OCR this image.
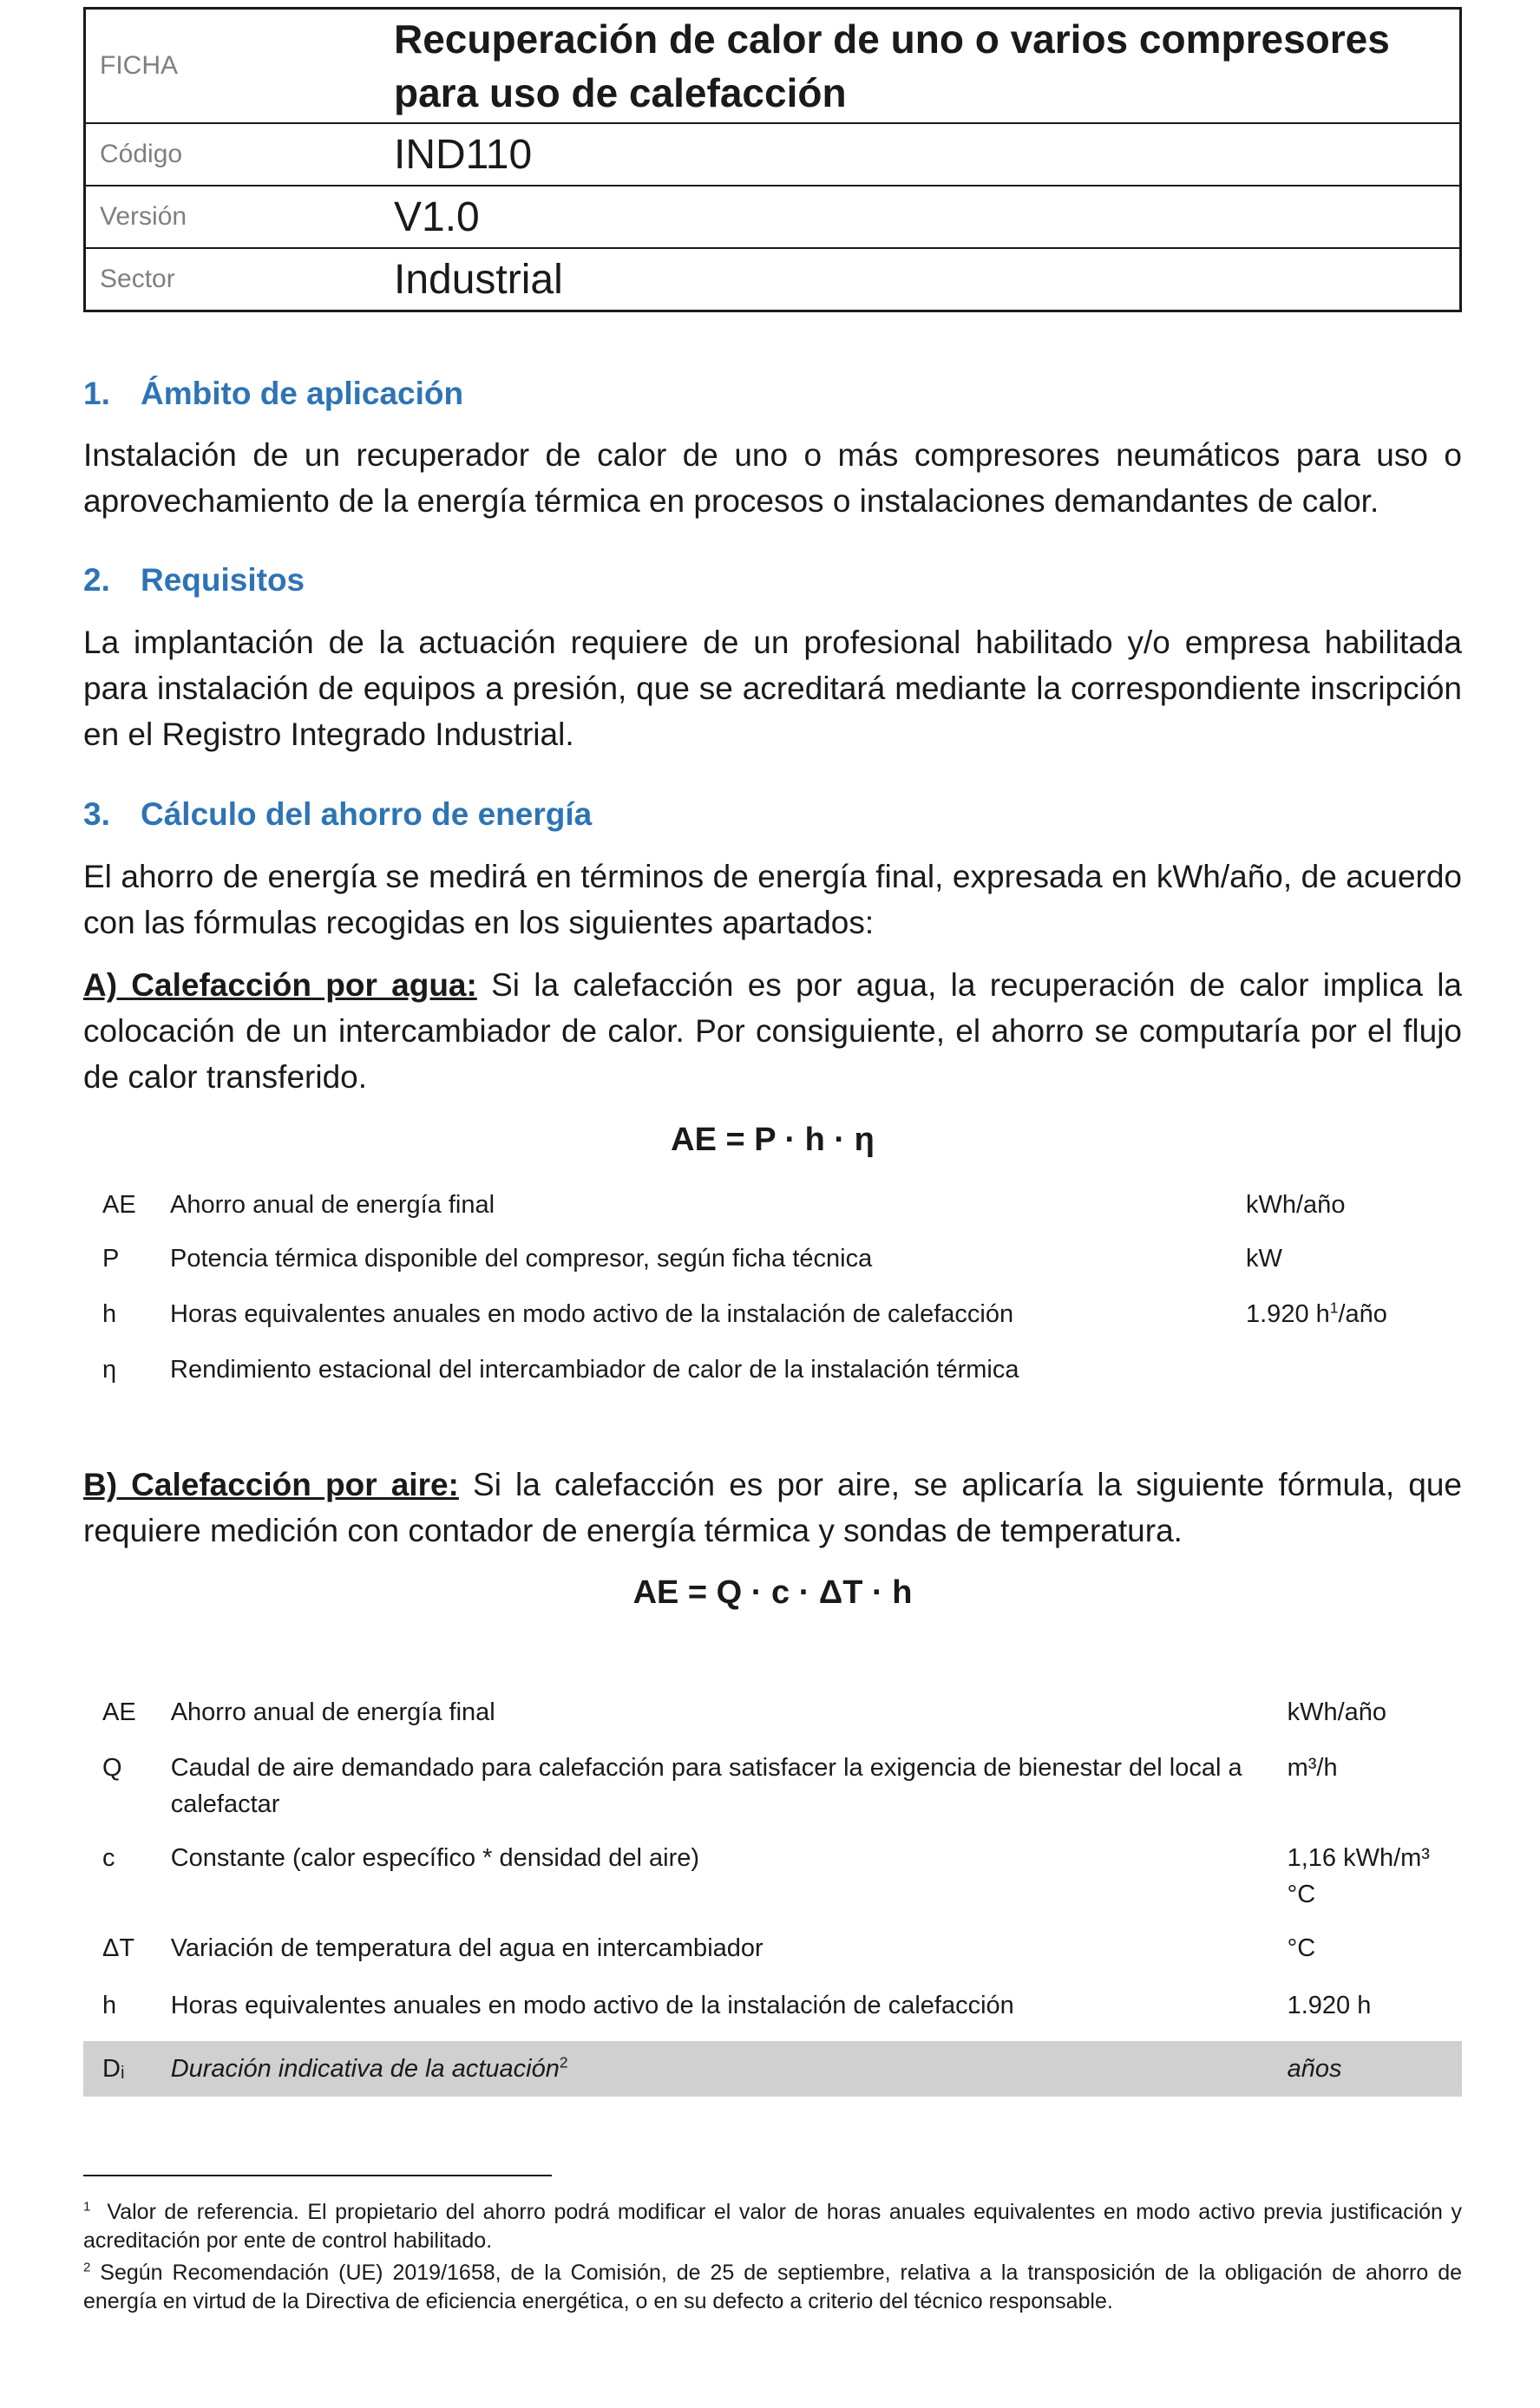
FICHA	Recuperación de calor de uno o varios compresores para uso de calefacción
Código	IND110
Versión	V1.0
Sector	Industrial
1. Ámbito de aplicación

Instalación de un recuperador de calor de uno o más compresores neumáticos para uso o aprovechamiento de la energía térmica en procesos o instalaciones demandantes de calor.

2. Requisitos

La implantación de la actuación requiere de un profesional habilitado y/o empresa habilitada para instalación de equipos a presión, que se acreditará mediante la correspondiente inscripción en el Registro Integrado Industrial.

3. Cálculo del ahorro de energía

El ahorro de energía se medirá en términos de energía final, expresada en kWh/año, de acuerdo con las fórmulas recogidas en los siguientes apartados:

A) Calefacción por agua: Si la calefacción es por agua, la recuperación de calor implica la colocación de un intercambiador de calor. Por consiguiente, el ahorro se computaría por el flujo de calor transferido.

AE = P · h · η
AE	Ahorro anual de energía final	kWh/año
P	Potencia térmica disponible del compresor, según ficha técnica	kW
h	Horas equivalentes anuales en modo activo de la instalación de calefacción	1.920 $h^1$/año
η	Rendimiento estacional del intercambiador de calor de la instalación térmica	

B) Calefacción por aire: Si la calefacción es por aire, se aplicaría la siguiente fórmula, que requiere medición con contador de energía térmica y sondas de temperatura.

AE = Q · c · ΔT · h
AE	Ahorro anual de energía final	kWh/año
Q	Caudal de aire demandado para calefacción para satisfacer la exigencia de bienestar del local a calefactar	m³/h
c	Constante (calor específico * densidad del aire)	1,16 kWh/m³ °C
ΔT	Variación de temperatura del agua en intercambiador	°C
h	Horas equivalentes anuales en modo activo de la instalación de calefacción	1.920 h
Dᵢ	Duración indicativa de la actuación$^2$	años

$^1$ Valor de referencia. El propietario del ahorro podrá modificar el valor de horas anuales equivalentes en modo activo previa justificación y acreditación por ente de control habilitado.

$^2$ Según Recomendación (UE) 2019/1658, de la Comisión, de 25 de septiembre, relativa a la transposición de la obligación de ahorro de energía en virtud de la Directiva de eficiencia energética, o en su defecto a criterio del técnico responsable.
